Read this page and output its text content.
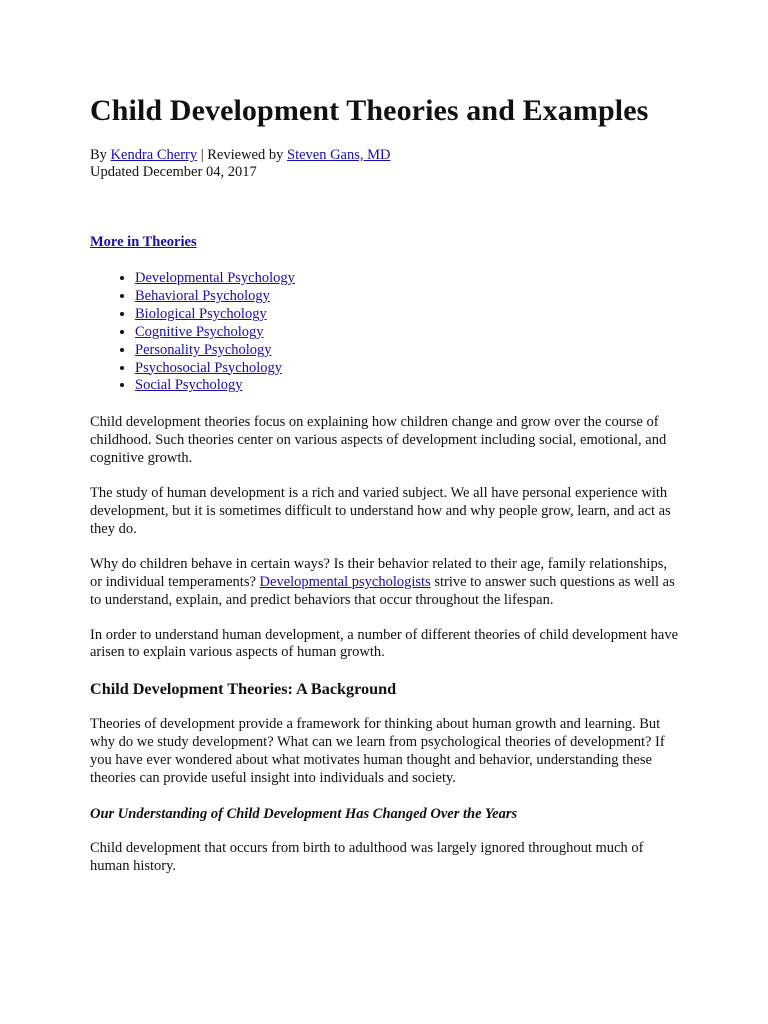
Child Development Theories and Examples
By Kendra Cherry | Reviewed by Steven Gans, MD
Updated December 04, 2017
More in Theories
• Developmental Psychology
• Behavioral Psychology
• Biological Psychology
• Cognitive Psychology
• Personality Psychology
• Psychosocial Psychology
• Social Psychology

Child development theories focus on explaining how children change and grow over the course of childhood. Such theories center on various aspects of development including social, emotional, and cognitive growth.

The study of human development is a rich and varied subject. We all have personal experience with development, but it is sometimes difficult to understand how and why people grow, learn, and act as they do.

Why do children behave in certain ways? Is their behavior related to their age, family relationships, or individual temperaments? Developmental psychologists strive to answer such questions as well as to understand, explain, and predict behaviors that occur throughout the lifespan.

In order to understand human development, a number of different theories of child development have arisen to explain various aspects of human growth.

Child Development Theories: A Background

Theories of development provide a framework for thinking about human growth and learning. But why do we study development? What can we learn from psychological theories of development? If you have ever wondered about what motivates human thought and behavior, understanding these theories can provide useful insight into individuals and society.

Our Understanding of Child Development Has Changed Over the Years

Child development that occurs from birth to adulthood was largely ignored throughout much of human history.
